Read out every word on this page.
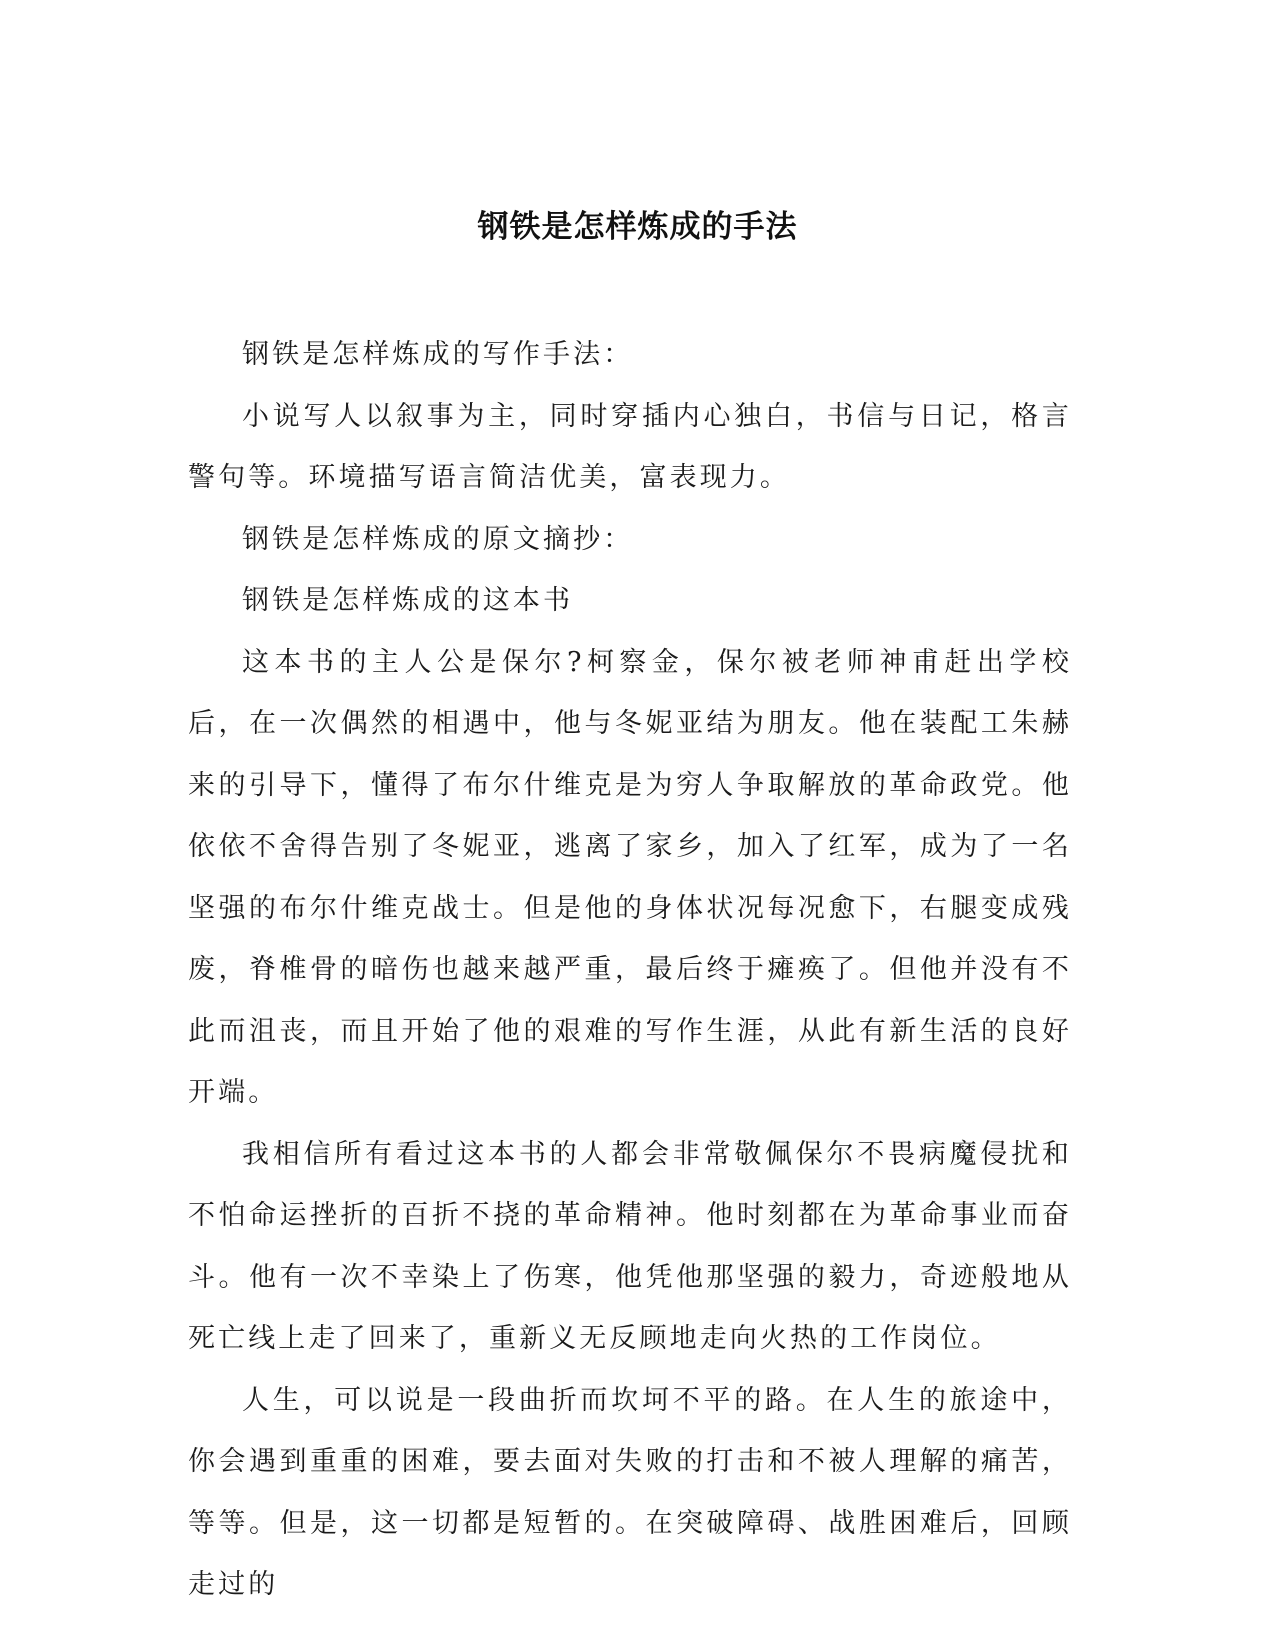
钢铁是怎样炼成的手法

钢铁是怎样炼成的写作手法：

小说写人以叙事为主，同时穿插内心独白，书信与日记，格言警句等。环境描写语言简洁优美，富表现力。

钢铁是怎样炼成的原文摘抄：

钢铁是怎样炼成的这本书

这本书的主人公是保尔?柯察金，保尔被老师神甫赶出学校后，在一次偶然的相遇中，他与冬妮亚结为朋友。他在装配工朱赫来的引导下，懂得了布尔什维克是为穷人争取解放的革命政党。他依依不舍得告别了冬妮亚，逃离了家乡，加入了红军，成为了一名坚强的布尔什维克战士。但是他的身体状况每况愈下，右腿变成残废，脊椎骨的暗伤也越来越严重，最后终于瘫痪了。但他并没有不此而沮丧，而且开始了他的艰难的写作生涯，从此有新生活的良好开端。

我相信所有看过这本书的人都会非常敬佩保尔不畏病魔侵扰和不怕命运挫折的百折不挠的革命精神。他时刻都在为革命事业而奋斗。他有一次不幸染上了伤寒，他凭他那坚强的毅力，奇迹般地从死亡线上走了回来了，重新义无反顾地走向火热的工作岗位。

人生，可以说是一段曲折而坎坷不平的路。在人生的旅途中，你会遇到重重的困难，要去面对失败的打击和不被人理解的痛苦，等等。但是，这一切都是短暂的。在突破障碍、战胜困难后，回顾走过的
